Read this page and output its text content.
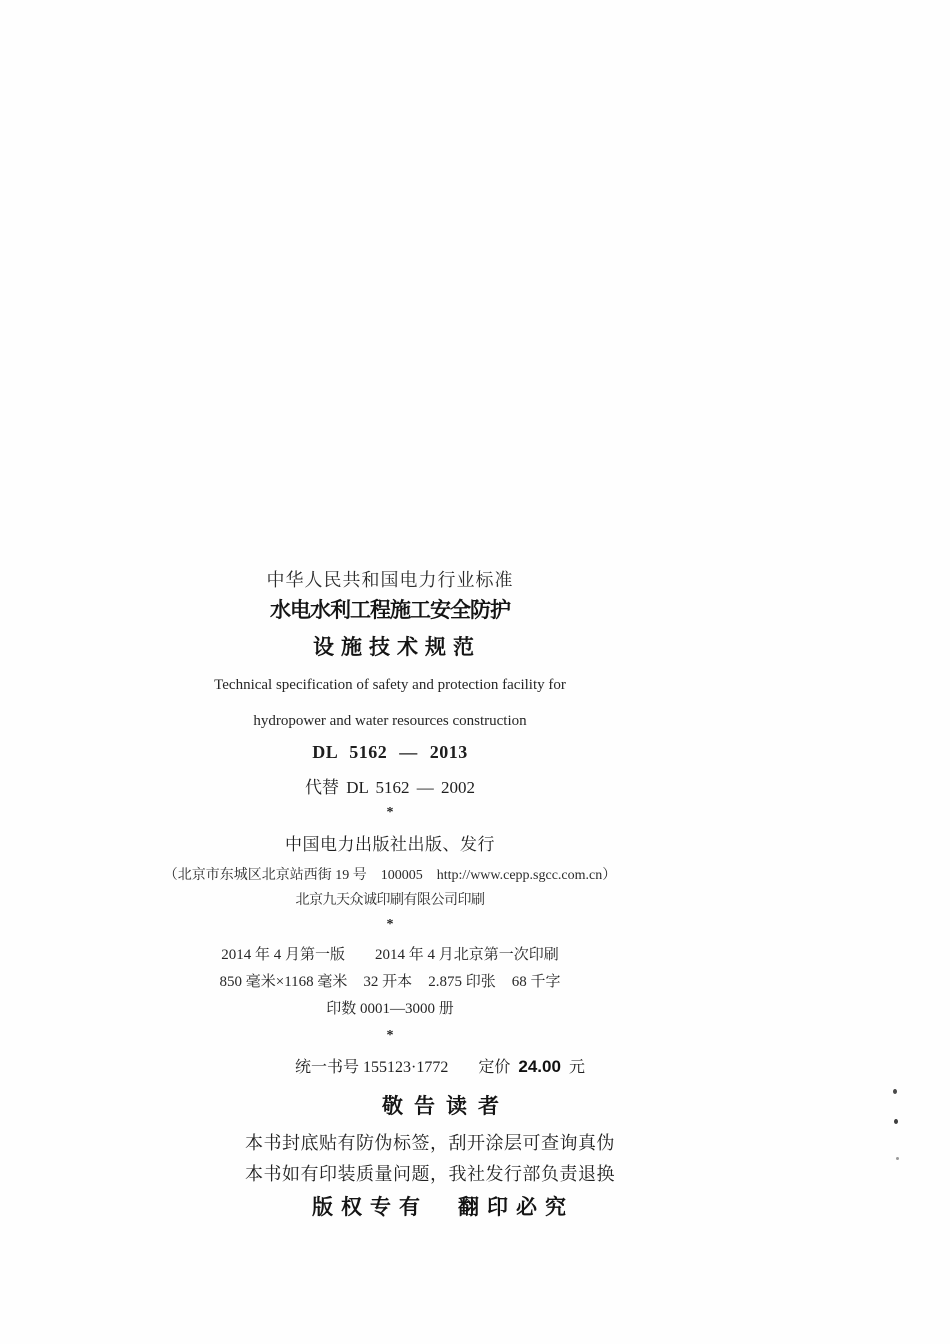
中华人民共和国电力行业标准
水电水利工程施工安全防护
设施技术规范
Technical specification of safety and protection facility for
hydropower and water resources construction
DL 5162 — 2013
代替 DL 5162 — 2002
*
中国电力出版社出版、发行
（北京市东城区北京站西街 19 号　100005　http://www.cepp.sgcc.com.cn）
北京九天众诚印刷有限公司印刷
*
2014 年 4 月第一版 2014 年 4 月北京第一次印刷
850 毫米×1168 毫米 32 开本 2.875 印张 68 千字
印数 0001—3000 册
*
统一书号 155123·1772 定价 24.00 元
敬告读者
本书封底贴有防伪标签，刮开涂层可查询真伪
本书如有印装质量问题，我社发行部负责退换
版权专有 翻印必究
